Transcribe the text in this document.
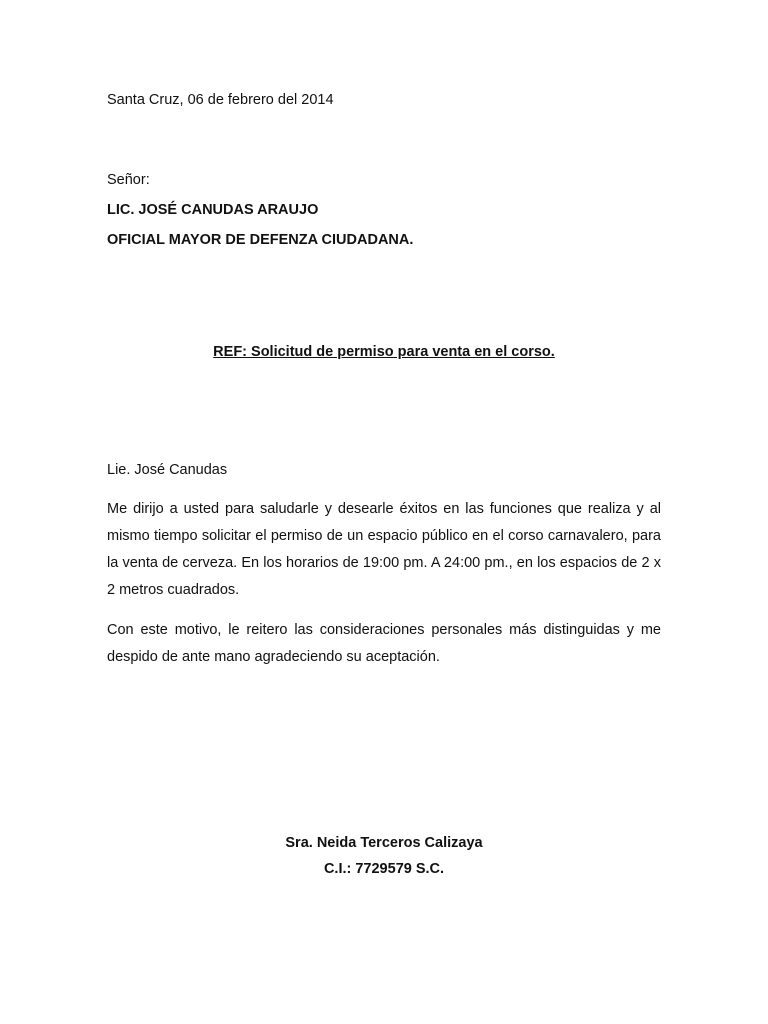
Santa Cruz, 06 de febrero del 2014
Señor:
LIC. JOSÉ CANUDAS ARAUJO
OFICIAL MAYOR DE DEFENZA CIUDADANA.
REF: Solicitud de permiso para venta en el corso.
Lie. José Canudas
Me dirijo a usted para saludarle y desearle éxitos en las funciones que realiza y al mismo tiempo solicitar el permiso de un espacio público en el corso carnavalero, para la venta de cerveza. En los horarios de 19:00 pm. A 24:00 pm., en los espacios de 2 x 2 metros cuadrados.
Con este motivo, le reitero las consideraciones personales más distinguidas y me despido de ante mano agradeciendo su aceptación.
Sra. Neida Terceros Calizaya
C.I.: 7729579 S.C.
